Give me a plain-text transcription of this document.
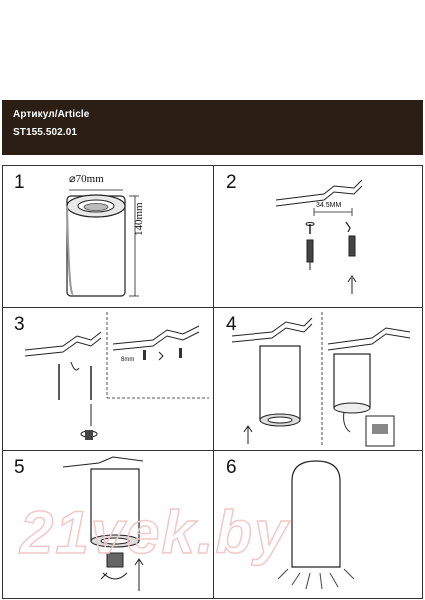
Артикул/Article
ST155.502.01
1	⌀70mm
140mm
2
34.5MM
3
8mm
4
5	6
21vek.by
